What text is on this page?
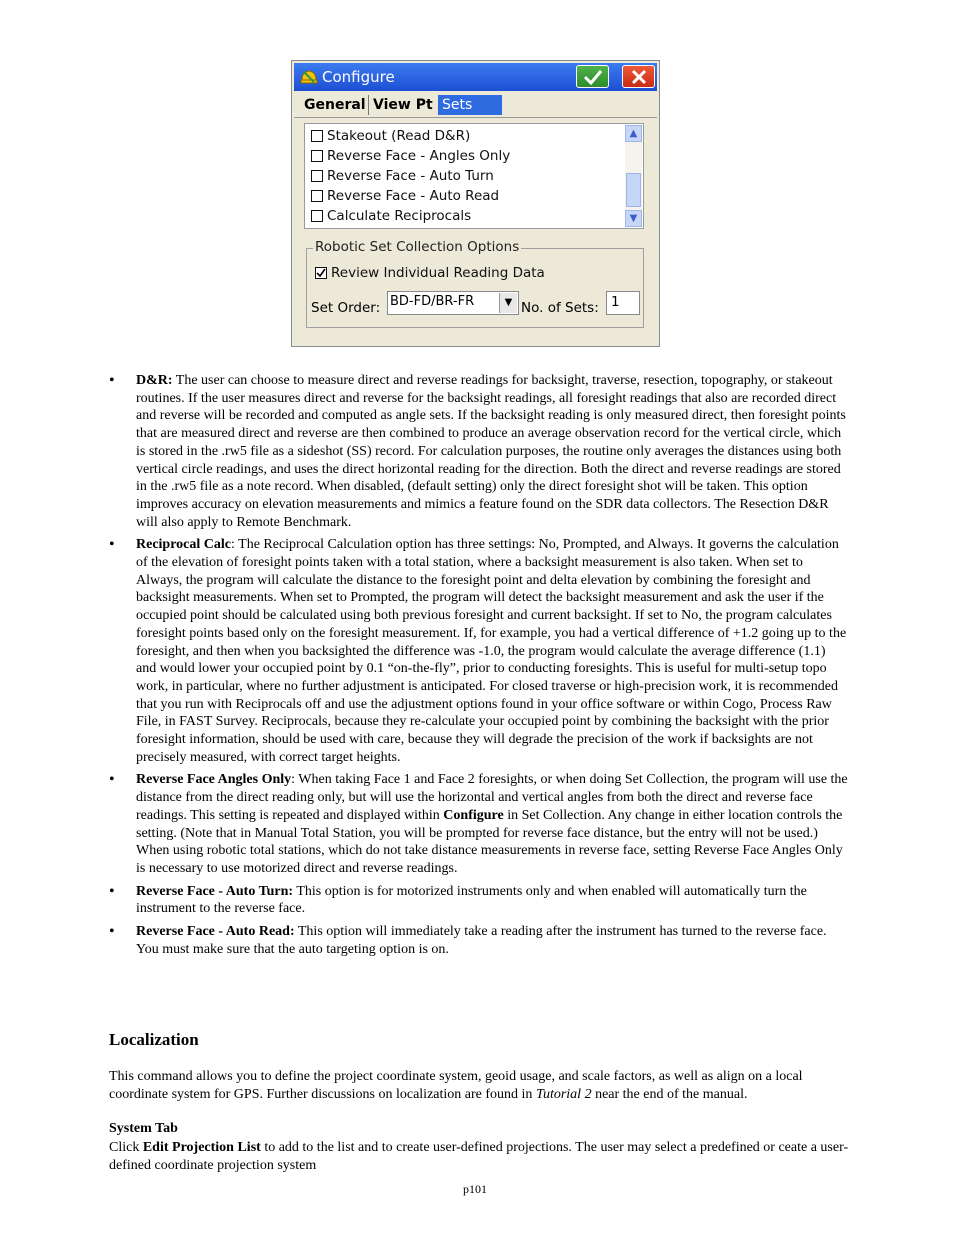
Configure
General View Pt Sets
Stakeout (Read D&R)
Reverse Face - Angles Only
Reverse Face - Auto Turn
Reverse Face - Auto Read
Calculate Reciprocals
▲
▼
Robotic Set Collection Options
Review Individual Reading Data
Set Order: BD-FD/BR-FR	▼ No. of Sets: 1
• D&R: The user can choose to measure direct and reverse readings for backsight, traverse, resection, topography, or stakeout routines. If the user measures direct and reverse for the backsight readings, all foresight readings that also are recorded direct and reverse will be recorded and computed as angle sets. If the backsight reading is only measured direct, then foresight points that are measured direct and reverse are then combined to produce an average observation record for the vertical circle, which is stored in the .rw5 file as a sideshot (SS) record. For calculation purposes, the routine only averages the distances using both vertical circle readings, and uses the direct horizontal reading for the direction. Both the direct and reverse readings are stored in the .rw5 file as a note record. When disabled, (default setting) only the direct foresight shot will be taken. This option improves accuracy on elevation measurements and mimics a feature found on the SDR data collectors. The Resection D&R will also apply to Remote Benchmark.
• Reciprocal Calc: The Reciprocal Calculation option has three settings: No, Prompted, and Always. It governs the calculation of the elevation of foresight points taken with a total station, where a backsight measurement is also taken. When set to Always, the program will calculate the distance to the foresight point and delta elevation by combining the foresight and backsight measurements. When set to Prompted, the program will detect the backsight measurement and ask the user if the occupied point should be calculated using both previous foresight and current backsight. If set to No, the program calculates foresight points based only on the foresight measurement. If, for example, you had a vertical difference of +1.2 going up to the foresight, and then when you backsighted the difference was -1.0, the program would calculate the average difference (1.1) and would lower your occupied point by 0.1 “on-the-fly”, prior to conducting foresights. This is useful for multi-setup topo work, in particular, where no further adjustment is anticipated. For closed traverse or high-precision work, it is recommended that you run with Reciprocals off and use the adjustment options found in your office software or within Cogo, Process Raw File, in FAST Survey. Reciprocals, because they re-calculate your occupied point by combining the backsight with the prior foresight information, should be used with care, because they will degrade the precision of the work if backsights are not precisely measured, with correct target heights.
• Reverse Face Angles Only: When taking Face 1 and Face 2 foresights, or when doing Set Collection, the program will use the distance from the direct reading only, but will use the horizontal and vertical angles from both the direct and reverse face readings. This setting is repeated and displayed within Configure in Set Collection. Any change in either location controls the setting. (Note that in Manual Total Station, you will be prompted for reverse face distance, but the entry will not be used.) When using robotic total stations, which do not take distance measurements in reverse face, setting Reverse Face Angles Only is necessary to use motorized direct and reverse readings.
• Reverse Face - Auto Turn: This option is for motorized instruments only and when enabled will automatically turn the instrument to the reverse face.
• Reverse Face - Auto Read: This option will immediately take a reading after the instrument has turned to the reverse face. You must make sure that the auto targeting option is on.
Localization

This command allows you to define the project coordinate system, geoid usage, and scale factors, as well as align on a local coordinate system for GPS. Further discussions on localization are found in Tutorial 2 near the end of the manual.

System Tab

Click Edit Projection List to add to the list and to create user-defined projections. The user may select a predefined or ceate a user-defined coordinate projection system

p101
